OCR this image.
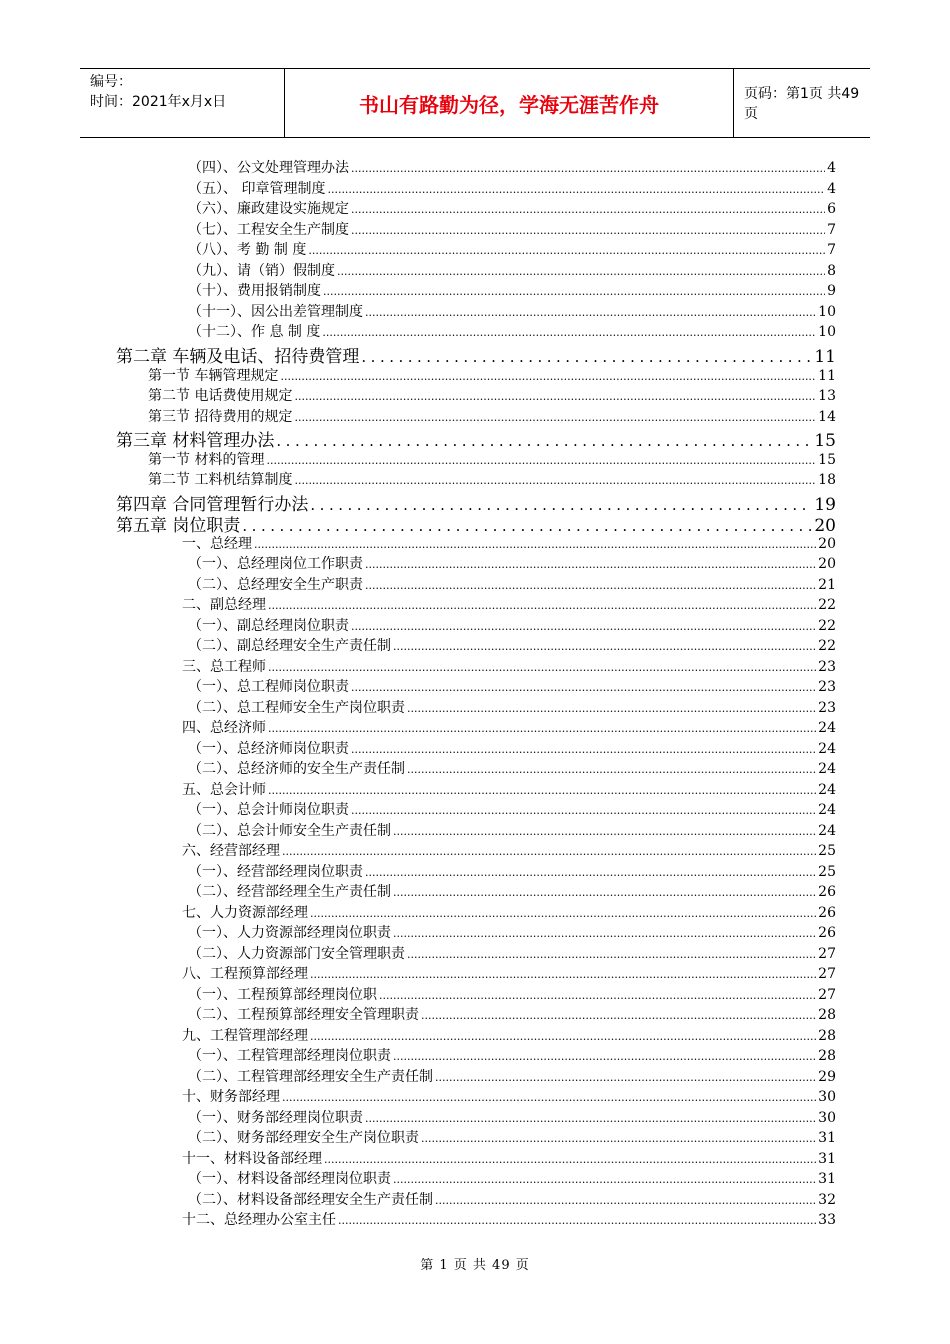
编号：
时间：2021年x月x日	书山有路勤为径，学海无涯苦作舟	页码：第1页 共49页
（四）、公文处理管理办法 .....	4
（五）、 印章管理制度 .....	4
（六）、廉政建设实施规定 .....	6
（七）、工程安全生产制度 .....	7
（八）、考 勤 制 度 .....	7
（九）、请（销）假制度 .....	8
（十）、费用报销制度 .....	9
（十一）、因公出差管理制度 .....	10
（十二）、作 息 制 度 .....	10
第二章 车辆及电话、招待费管理 .....	11
第一节 车辆管理规定 .....	11
第二节 电话费使用规定 .....	13
第三节 招待费用的规定 .....	14
第三章 材料管理办法 .....	15
第一节 材料的管理 .....	15
第二节 工料机结算制度 .....	18
第四章 合同管理暂行办法 .....	19
第五章 岗位职责 .....	20
一、总经理 .....	20
（一）、总经理岗位工作职责 .....	20
（二）、总经理安全生产职责 .....	21
二、副总经理 .....	22
（一）、副总经理岗位职责 .....	22
（二）、副总经理安全生产责任制 .....	22
三、总工程师 .....	23
（一）、总工程师岗位职责 .....	23
（二）、总工程师安全生产岗位职责 .....	23
四、总经济师 .....	24
（一）、总经济师岗位职责 .....	24
（二）、总经济师的安全生产责任制 .....	24
五、总会计师 .....	24
（一）、总会计师岗位职责 .....	24
（二）、总会计师安全生产责任制 .....	24
六、经营部经理 .....	25
（一）、经营部经理岗位职责 .....	25
（二）、经营部经理全生产责任制 .....	26
七、人力资源部经理 .....	26
（一）、人力资源部经理岗位职责 .....	26
（二）、人力资源部门安全管理职责 .....	27
八、工程预算部经理 .....	27
（一）、工程预算部经理岗位职 .....	27
（二）、工程预算部经理安全管理职责 .....	28
九、工程管理部经理 .....	28
（一）、工程管理部经理岗位职责 .....	28
（二）、工程管理部经理安全生产责任制 .....	29
十、财务部经理 .....	30
（一）、财务部经理岗位职责 .....	30
（二）、财务部经理安全生产岗位职责 .....	31
十一、材料设备部经理 .....	31
（一）、材料设备部经理岗位职责 .....	31
（二）、材料设备部经理安全生产责任制 .....	32
十二、总经理办公室主任 .....	33
第 1 页 共 49 页
